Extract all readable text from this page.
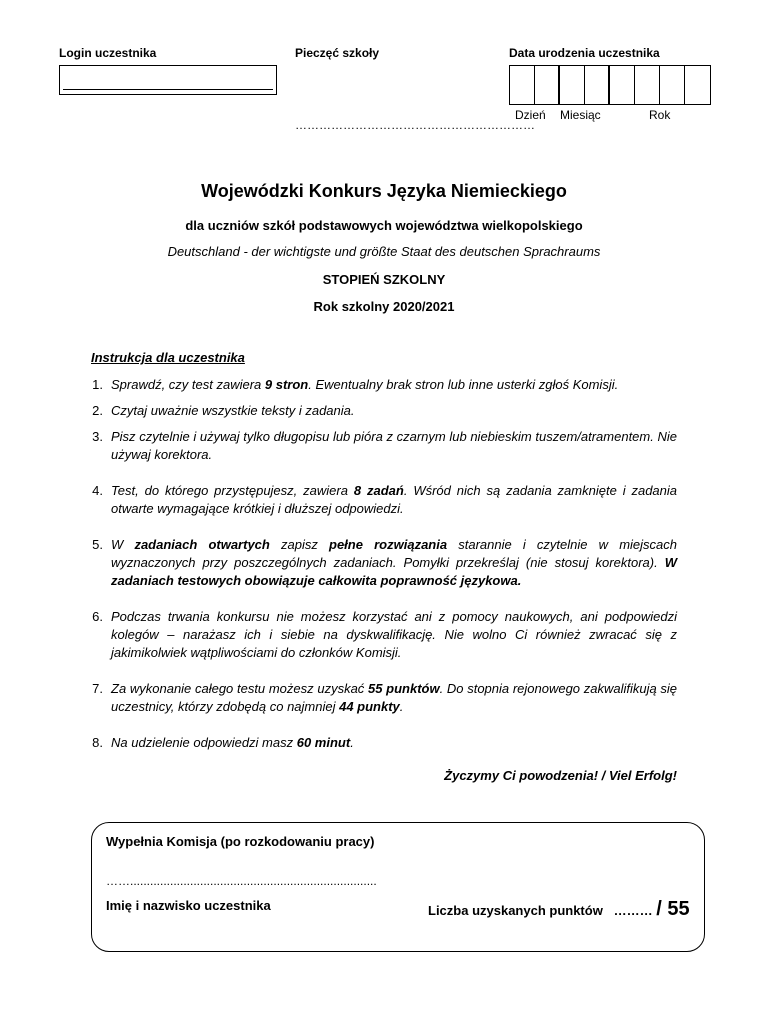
Login uczestnika	Pieczęć szkoły
……………………………………………………
Data urodzenia uczestnika
Dzień Miesiąc	Rok
Wojewódzki Konkurs Języka Niemieckiego
dla uczniów szkół podstawowych województwa wielkopolskiego
Deutschland - der wichtigste und größte Staat des deutschen Sprachraums
STOPIEŃ SZKOLNY
Rok szkolny 2020/2021
Instrukcja dla uczestnika
1. Sprawdź, czy test zawiera 9 stron. Ewentualny brak stron lub inne usterki zgłoś Komisji.
2. Czytaj uważnie wszystkie teksty i zadania.
3. Pisz czytelnie i używaj tylko długopisu lub pióra z czarnym lub niebieskim tuszem/atramentem. Nie używaj korektora.
4. Test, do którego przystępujesz, zawiera 8 zadań. Wśród nich są zadania zamknięte i zadania otwarte wymagające krótkiej i dłuższej odpowiedzi.
5. W zadaniach otwartych zapisz pełne rozwiązania starannie i czytelnie w miejscach wyznaczonych przy poszczególnych zadaniach. Pomyłki przekreślaj (nie stosuj korektora). W zadaniach testowych obowiązuje całkowita poprawność językowa.
6. Podczas trwania konkursu nie możesz korzystać ani z pomocy naukowych, ani podpowiedzi kolegów – narażasz ich i siebie na dyskwalifikację. Nie wolno Ci również zwracać się z jakimikolwiek wątpliwościami do członków Komisji.
7. Za wykonanie całego testu możesz uzyskać 55 punktów. Do stopnia rejonowego zakwalifikują się uczestnicy, którzy zdobędą co najmniej 44 punkty.
8. Na udzielenie odpowiedzi masz 60 minut.
Życzymy Ci powodzenia! / Viel Erfolg!
Wypełnia Komisja (po rozkodowaniu pracy)
……..........................................................................
Imię i nazwisko uczestnika	Liczba uzyskanych punktów ……… / 55
